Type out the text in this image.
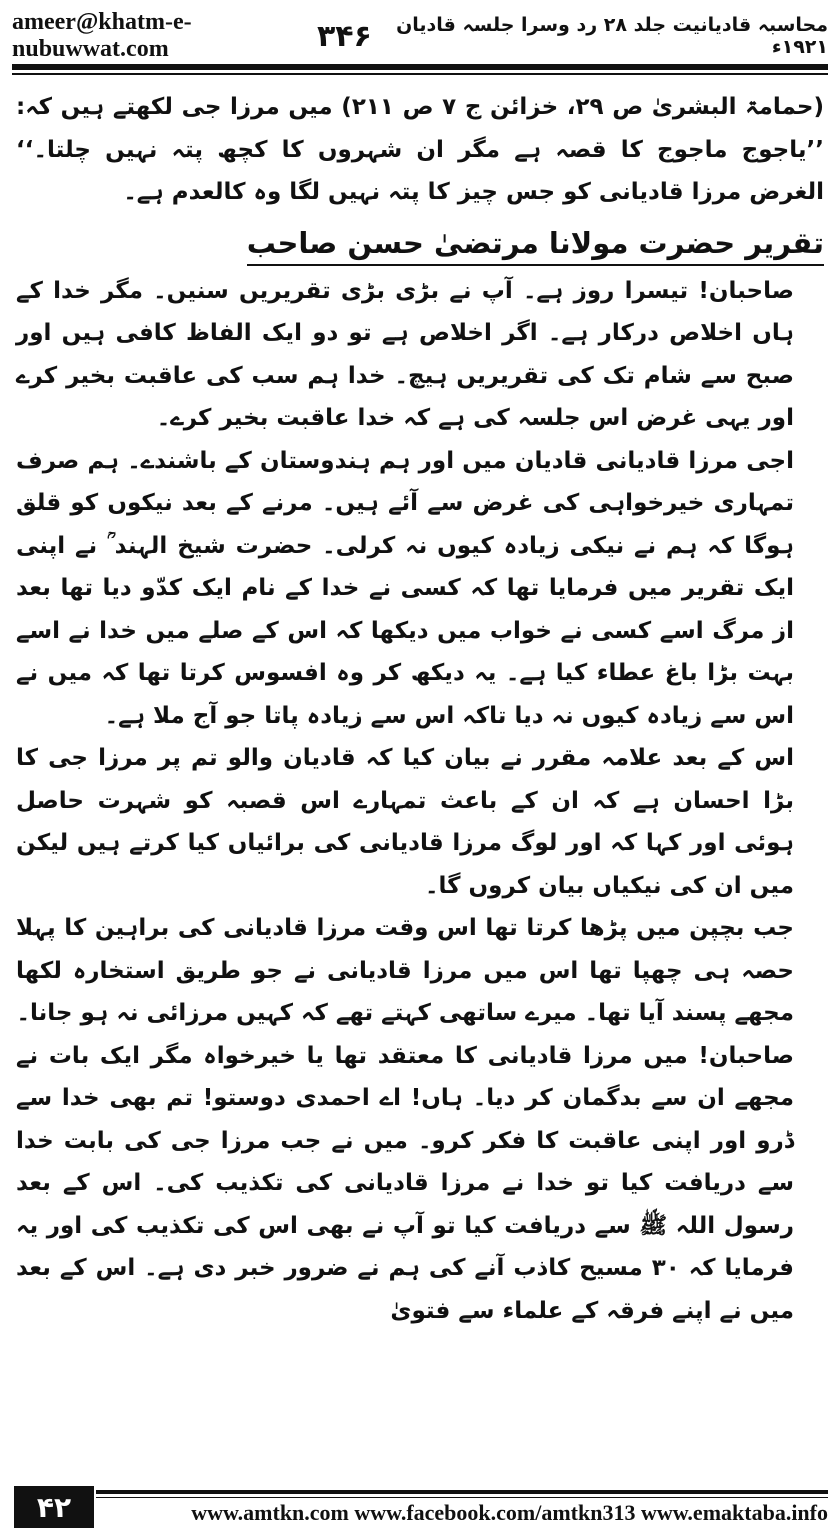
ameer@khatm-e-nubuwwat.com
محاسبہ قادیانیت جلد ۲۸ رد وسرا جلسہ قادیان ۱۹۲۱ء
۳۴۶

(حمامۃ البشریٰ ص ۲۹، خزائن ج ۷ ص ۲۱۱) میں مرزا جی لکھتے ہیں کہ: ’’یاجوج ماجوج کا قصہ ہے مگر ان شہروں کا کچھ پتہ نہیں چلتا۔‘‘ الغرض مرزا قادیانی کو جس چیز کا پتہ نہیں لگا وہ کالعدم ہے۔

تقریر حضرت مولانا مرتضیٰ حسن صاحب

صاحبان! تیسرا روز ہے۔ آپ نے بڑی بڑی تقریریں سنیں۔ مگر خدا کے ہاں اخلاص درکار ہے۔ اگر اخلاص ہے تو دو ایک الفاظ کافی ہیں اور صبح سے شام تک کی تقریریں ہیچ۔ خدا ہم سب کی عاقبت بخیر کرے اور یہی غرض اس جلسہ کی ہے کہ خدا عاقبت بخیر کرے۔

اجی مرزا قادیانی قادیان میں اور ہم ہندوستان کے باشندے۔ ہم صرف تمہاری خیرخواہی کی غرض سے آئے ہیں۔ مرنے کے بعد نیکوں کو قلق ہوگا کہ ہم نے نیکی زیادہ کیوں نہ کرلی۔ حضرت شیخ الہند ؒ نے اپنی ایک تقریر میں فرمایا تھا کہ کسی نے خدا کے نام ایک کدّو دیا تھا بعد از مرگ اسے کسی نے خواب میں دیکھا کہ اس کے صلے میں خدا نے اسے بہت بڑا باغ عطاء کیا ہے۔ یہ دیکھ کر وہ افسوس کرتا تھا کہ میں نے اس سے زیادہ کیوں نہ دیا تاکہ اس سے زیادہ پاتا جو آج ملا ہے۔

اس کے بعد علامہ مقرر نے بیان کیا کہ قادیان والو تم پر مرزا جی کا بڑا احسان ہے کہ ان کے باعث تمہارے اس قصبہ کو شہرت حاصل ہوئی اور کہا کہ اور لوگ مرزا قادیانی کی برائیاں کیا کرتے ہیں لیکن میں ان کی نیکیاں بیان کروں گا۔

جب بچپن میں پڑھا کرتا تھا اس وقت مرزا قادیانی کی براہین کا پہلا حصہ ہی چھپا تھا اس میں مرزا قادیانی نے جو طریق استخارہ لکھا مجھے پسند آیا تھا۔ میرے ساتھی کہتے تھے کہ کہیں مرزائی نہ ہو جانا۔

صاحبان! میں مرزا قادیانی کا معتقد تھا یا خیرخواہ مگر ایک بات نے مجھے ان سے بدگمان کر دیا۔ ہاں! اے احمدی دوستو! تم بھی خدا سے ڈرو اور اپنی عاقبت کا فکر کرو۔ میں نے جب مرزا جی کی بابت خدا سے دریافت کیا تو خدا نے مرزا قادیانی کی تکذیب کی۔ اس کے بعد رسول اللہ ﷺ سے دریافت کیا تو آپ نے بھی اس کی تکذیب کی اور یہ فرمایا کہ ۳۰ مسیح کاذب آنے کی ہم نے ضرور خبر دی ہے۔ اس کے بعد میں نے اپنے فرقہ کے علماء سے فتویٰ

۴۲	www.amtkn.com www.facebook.com/amtkn313 www.emaktaba.info
